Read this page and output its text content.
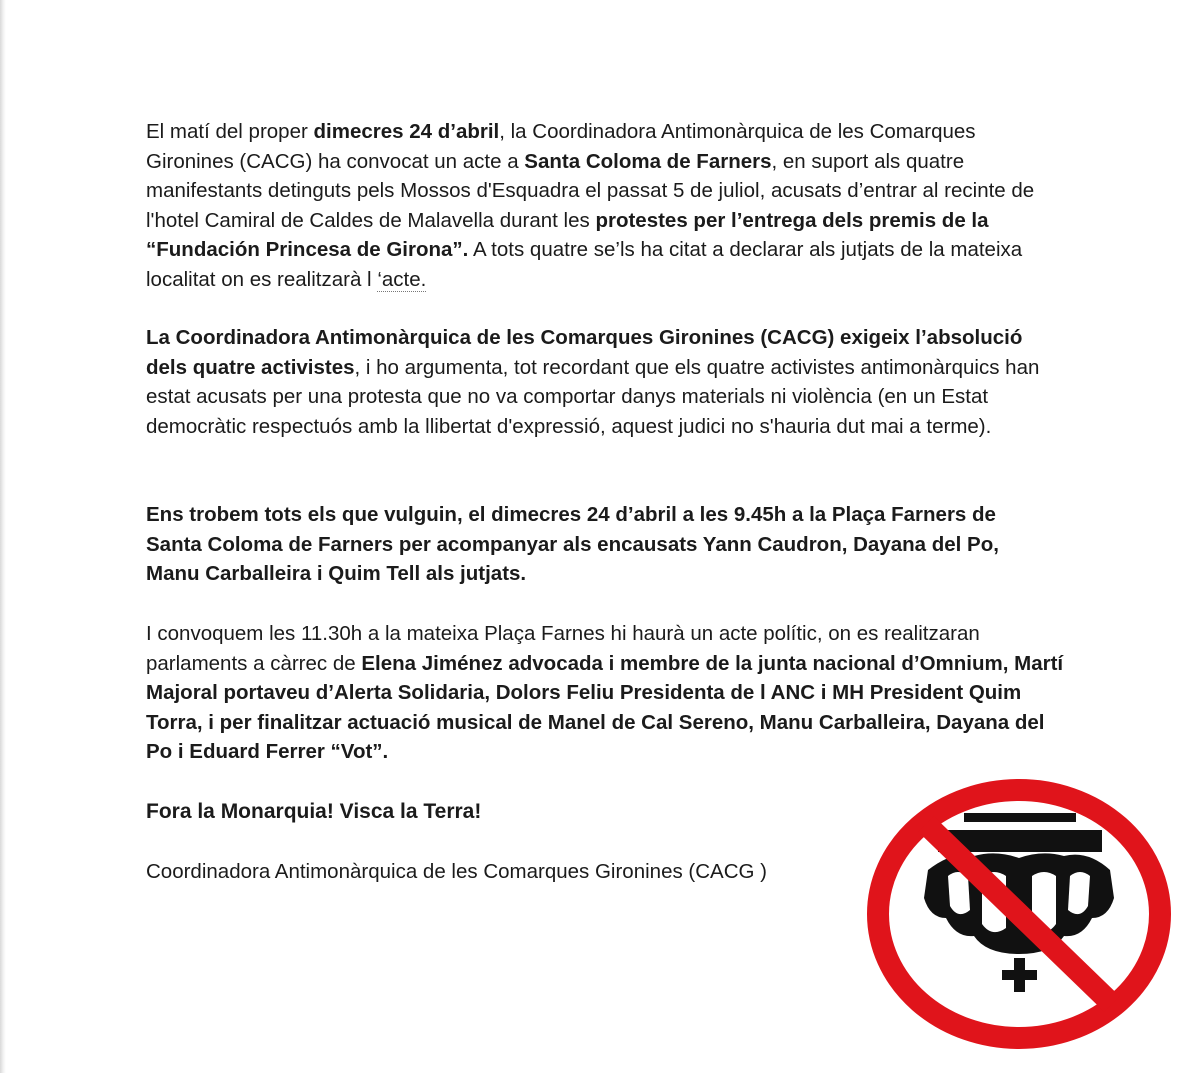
El matí del proper dimecres 24 d’abril, la Coordinadora Antimonàrquica de les Comarques Gironines (CACG) ha convocat un acte a Santa Coloma de Farners, en suport als quatre manifestants detinguts pels Mossos d'Esquadra el passat 5 de juliol, acusats d’entrar al recinte de l'hotel Camiral de Caldes de Malavella durant les protestes per l’entrega dels premis de la “Fundación Princesa de Girona”. A tots quatre se’ls ha citat a declarar als jutjats de la mateixa localitat on es realitzarà l ‘acte.

La Coordinadora Antimonàrquica de les Comarques Gironines (CACG) exigeix l’absolució dels quatre activistes, i ho argumenta, tot recordant que els quatre activistes antimonàrquics han estat acusats per una protesta que no va comportar danys materials ni violència (en un Estat democràtic respectuós amb la llibertat d'expressió, aquest judici no s'hauria dut mai a terme).

Ens trobem tots els que vulguin, el dimecres 24 d’abril a les 9.45h a la Plaça Farners de Santa Coloma de Farners per acompanyar als encausats Yann Caudron, Dayana del Po, Manu Carballeira i Quim Tell als jutjats.

I convoquem les 11.30h a la mateixa Plaça Farnes hi haurà un acte polític, on es realitzaran parlaments a càrrec de Elena Jiménez advocada i membre de la junta nacional d’Omnium, Martí Majoral portaveu d’Alerta Solidaria, Dolors Feliu Presidenta de l ANC i MH President Quim Torra, i per finalitzar actuació musical de Manel de Cal Sereno, Manu Carballeira, Dayana del Po i Eduard Ferrer “Vot”.

Fora la Monarquia! Visca la Terra!

Coordinadora Antimonàrquica de les Comarques Gironines (CACG )
